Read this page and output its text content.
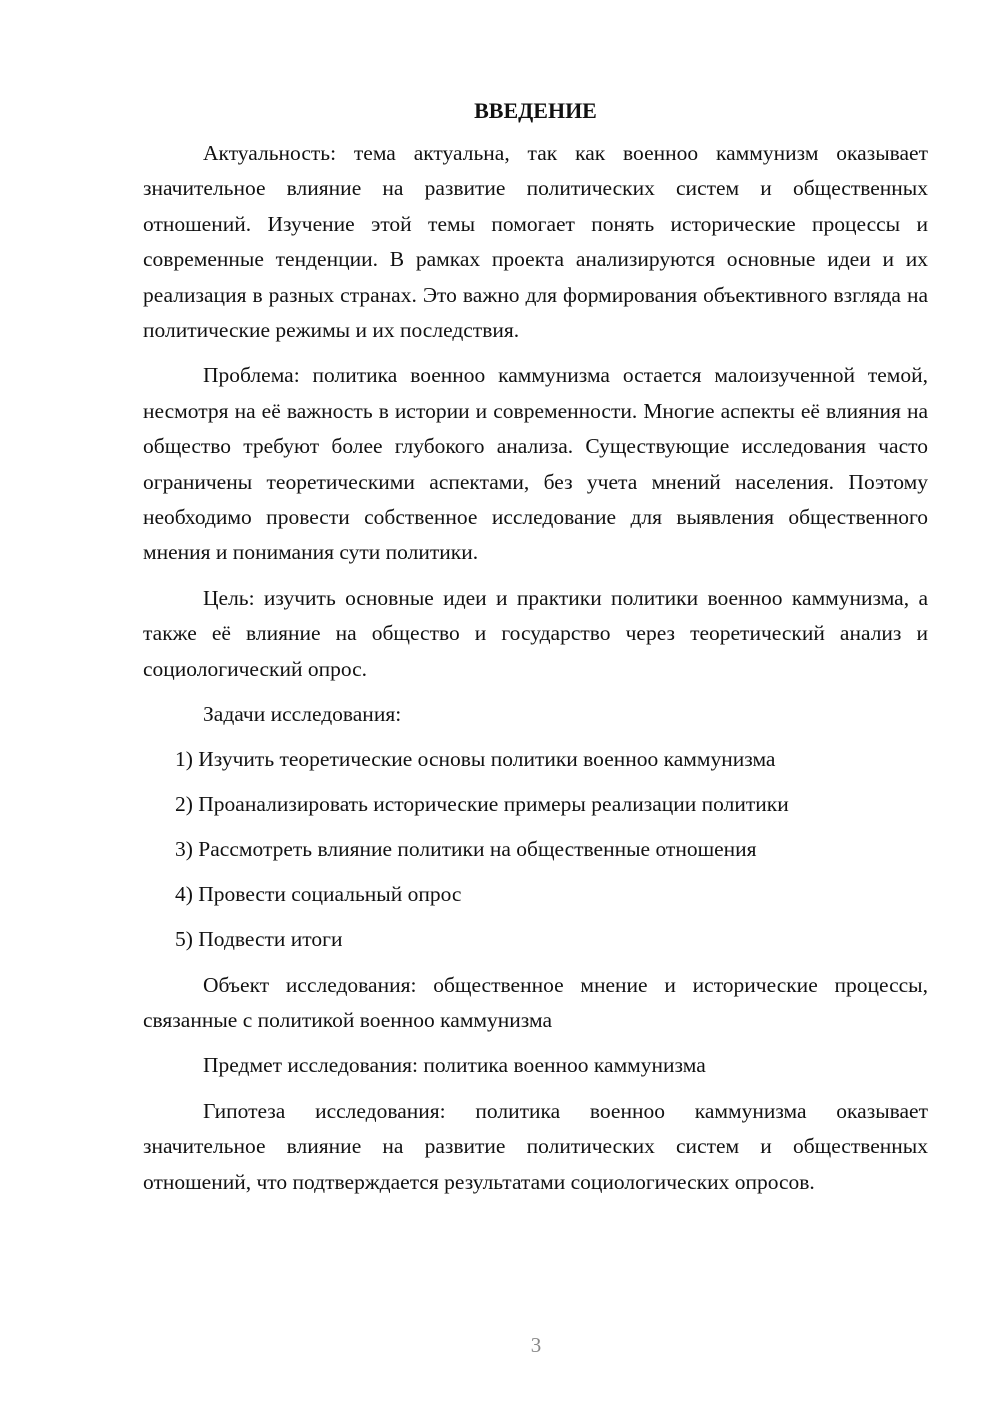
ВВЕДЕНИЕ

Актуальность: тема актуальна, так как военноо каммунизм оказывает значительное влияние на развитие политических систем и общественных отношений. Изучение этой темы помогает понять исторические процессы и современные тенденции. В рамках проекта анализируются основные идеи и их реализация в разных странах. Это важно для формирования объективного взгляда на политические режимы и их последствия.

Проблема: политика военноо каммунизма остается малоизученной темой, несмотря на её важность в истории и современности. Многие аспекты её влияния на общество требуют более глубокого анализа. Существующие исследования часто ограничены теоретическими аспектами, без учета мнений населения. Поэтому необходимо провести собственное исследование для выявления общественного мнения и понимания сути политики.

Цель: изучить основные идеи и практики политики военноо каммунизма, а также её влияние на общество и государство через теоретический анализ и социологический опрос.

Задачи исследования:

1) Изучить теоретические основы политики военноо каммунизма
2) Проанализировать исторические примеры реализации политики
3) Рассмотреть влияние политики на общественные отношения
4) Провести социальный опрос
5) Подвести итоги

Объект исследования: общественное мнение и исторические процессы, связанные с политикой военноо каммунизма

Предмет исследования: политика военноо каммунизма

Гипотеза исследования: политика военноо каммунизма оказывает значительное влияние на развитие политических систем и общественных отношений, что подтверждается результатами социологических опросов.

3
